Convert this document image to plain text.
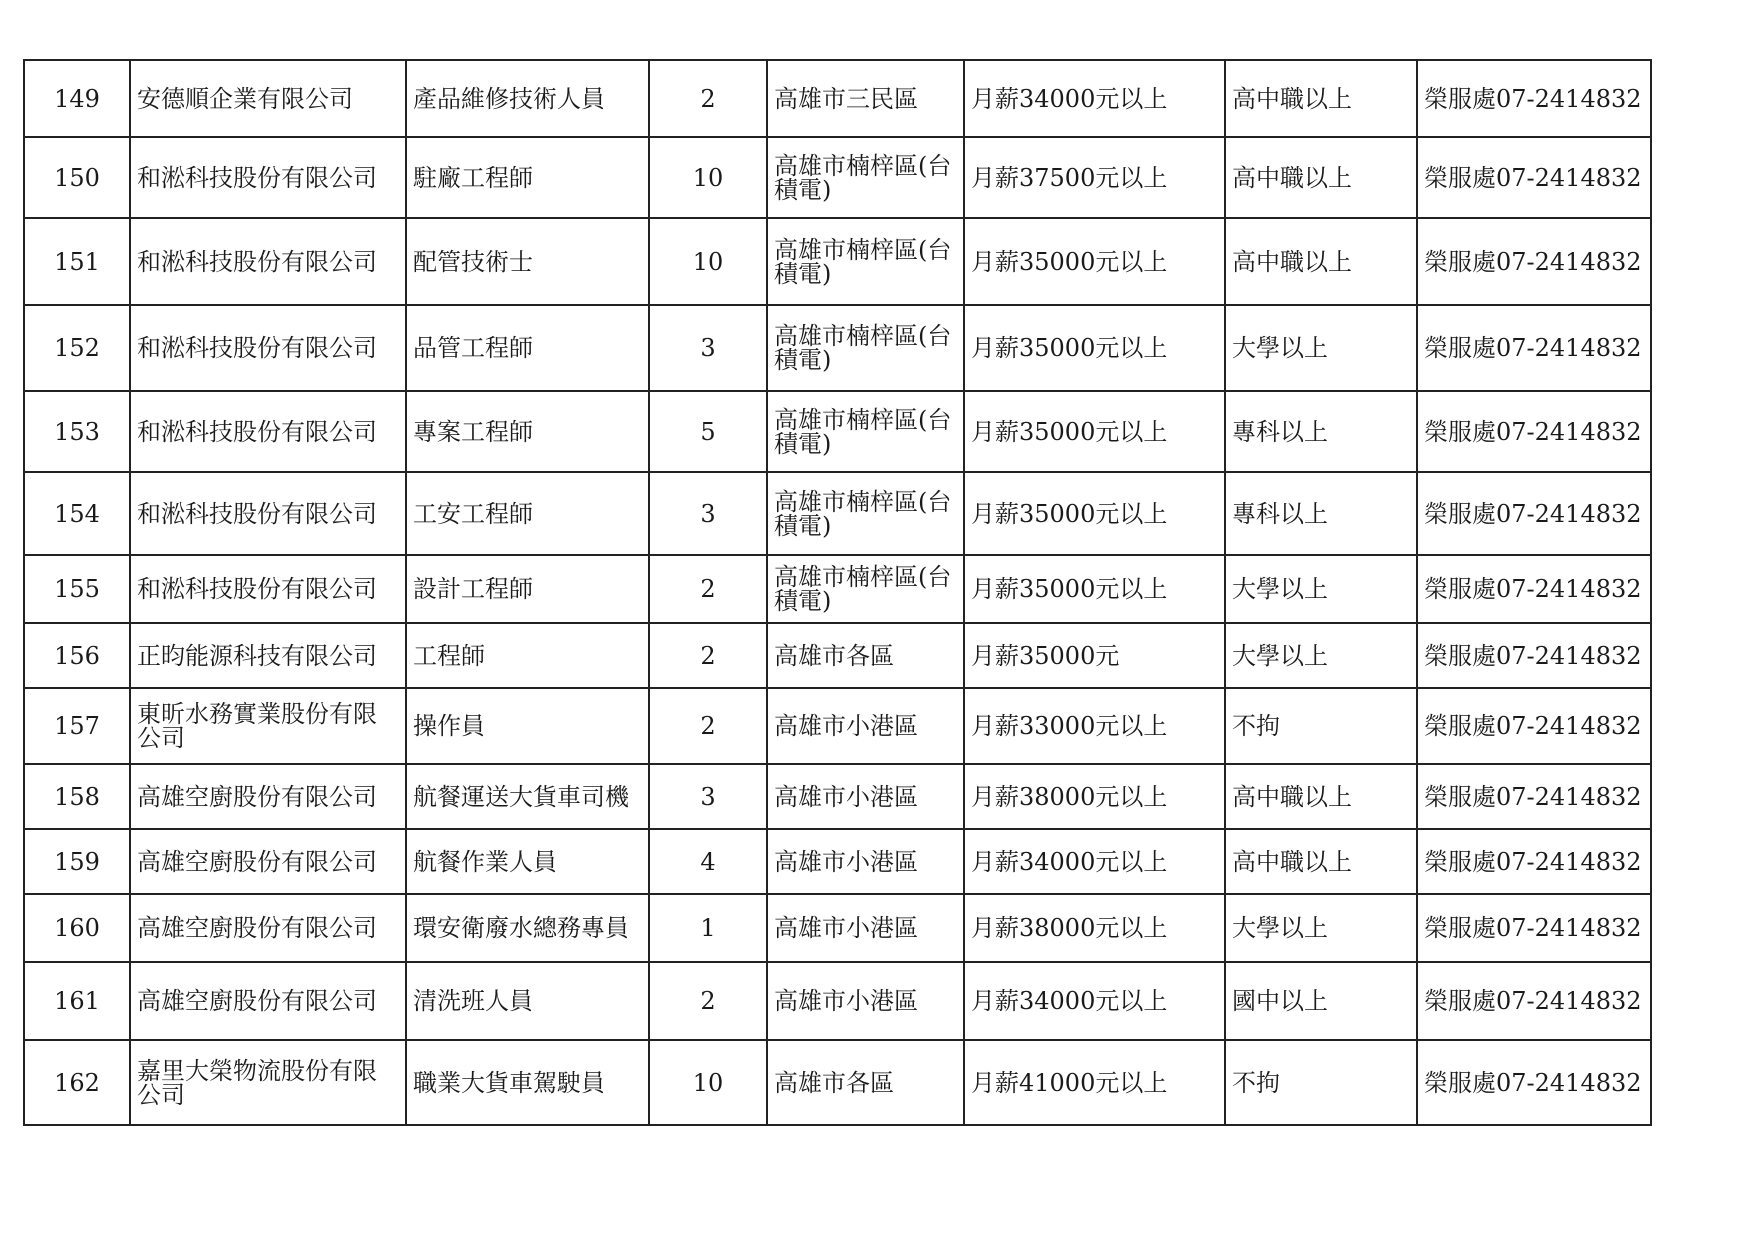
149	安德順企業有限公司	產品維修技術人員	2	高雄市三民區	月薪34000元以上	高中職以上	榮服處07-2414832
150	和淞科技股份有限公司	駐廠工程師	10	高雄市楠梓區(台積電)	月薪37500元以上	高中職以上	榮服處07-2414832
151	和淞科技股份有限公司	配管技術士	10	高雄市楠梓區(台積電)	月薪35000元以上	高中職以上	榮服處07-2414832
152	和淞科技股份有限公司	品管工程師	3	高雄市楠梓區(台積電)	月薪35000元以上	大學以上	榮服處07-2414832
153	和淞科技股份有限公司	專案工程師	5	高雄市楠梓區(台積電)	月薪35000元以上	專科以上	榮服處07-2414832
154	和淞科技股份有限公司	工安工程師	3	高雄市楠梓區(台積電)	月薪35000元以上	專科以上	榮服處07-2414832
155	和淞科技股份有限公司	設計工程師	2	高雄市楠梓區(台積電)	月薪35000元以上	大學以上	榮服處07-2414832
156	正昀能源科技有限公司	工程師	2	高雄市各區	月薪35000元	大學以上	榮服處07-2414832
157	東昕水務實業股份有限公司	操作員	2	高雄市小港區	月薪33000元以上	不拘	榮服處07-2414832
158	高雄空廚股份有限公司	航餐運送大貨車司機	3	高雄市小港區	月薪38000元以上	高中職以上	榮服處07-2414832
159	高雄空廚股份有限公司	航餐作業人員	4	高雄市小港區	月薪34000元以上	高中職以上	榮服處07-2414832
160	高雄空廚股份有限公司	環安衛廢水總務專員	1	高雄市小港區	月薪38000元以上	大學以上	榮服處07-2414832
161	高雄空廚股份有限公司	清洗班人員	2	高雄市小港區	月薪34000元以上	國中以上	榮服處07-2414832
162	嘉里大榮物流股份有限公司	職業大貨車駕駛員	10	高雄市各區	月薪41000元以上	不拘	榮服處07-2414832
